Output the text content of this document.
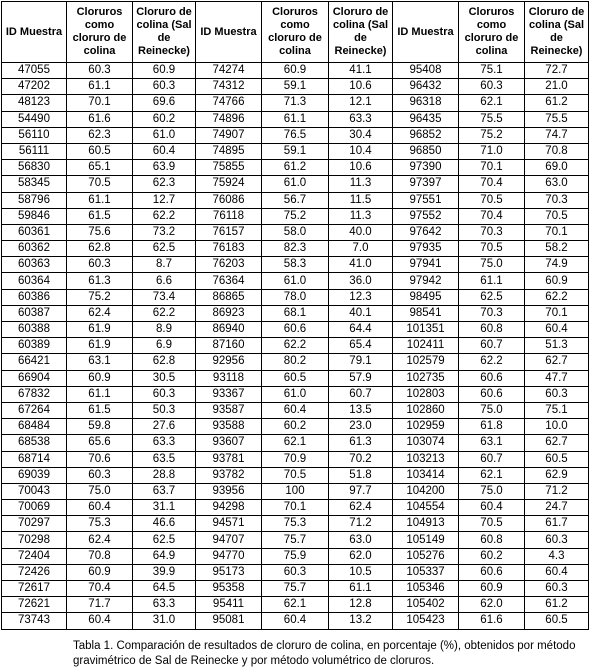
ID Muestra	Cloruros como cloruro de colina	Cloruro de colina (Sal de Reinecke)	ID Muestra	Cloruros como cloruro de colina	Cloruro de colina (Sal de Reinecke)	ID Muestra	Cloruros como cloruro de colina	Cloruro de colina (Sal de Reinecke)
47055	60.3	60.9	74274	60.9	41.1	95408	75.1	72.7
47202	61.1	60.3	74312	59.1	10.6	96432	60.3	21.0
48123	70.1	69.6	74766	71.3	12.1	96318	62.1	61.2
54490	61.6	60.2	74896	61.1	63.3	96435	75.5	75.5
56110	62.3	61.0	74907	76.5	30.4	96852	75.2	74.7
56111	60.5	60.4	74895	59.1	10.4	96850	71.0	70.8
56830	65.1	63.9	75855	61.2	10.6	97390	70.1	69.0
58345	70.5	62.3	75924	61.0	11.3	97397	70.4	63.0
58796	61.1	12.7	76086	56.7	11.5	97551	70.5	70.3
59846	61.5	62.2	76118	75.2	11.3	97552	70.4	70.5
60361	75.6	73.2	76157	58.0	40.0	97642	70.3	70.1
60362	62.8	62.5	76183	82.3	7.0	97935	70.5	58.2
60363	60.3	8.7	76203	58.3	41.0	97941	75.0	74.9
60364	61.3	6.6	76364	61.0	36.0	97942	61.1	60.9
60386	75.2	73.4	86865	78.0	12.3	98495	62.5	62.2
60387	62.4	62.2	86923	68.1	40.1	98541	70.3	70.1
60388	61.9	8.9	86940	60.6	64.4	101351	60.8	60.4
60389	61.9	6.9	87160	62.2	65.4	102411	60.7	51.3
66421	63.1	62.8	92956	80.2	79.1	102579	62.2	62.7
66904	60.9	30.5	93118	60.5	57.9	102735	60.6	47.7
67832	61.1	60.3	93367	61.0	60.7	102803	60.6	60.3
67264	61.5	50.3	93587	60.4	13.5	102860	75.0	75.1
68484	59.8	27.6	93588	60.2	23.0	102959	61.8	10.0
68538	65.6	63.3	93607	62.1	61.3	103074	63.1	62.7
68714	70.6	63.5	93781	70.9	70.2	103213	60.7	60.5
69039	60.3	28.8	93782	70.5	51.8	103414	62.1	62.9
70043	75.0	63.7	93956	100	97.7	104200	75.0	71.2
70069	60.4	31.1	94298	70.1	62.4	104554	60.4	24.7
70297	75.3	46.6	94571	75.3	71.2	104913	70.5	61.7
70298	62.4	62.5	94707	75.7	63.0	105149	60.8	60.3
72404	70.8	64.9	94770	75.9	62.0	105276	60.2	4.3
72426	60.9	39.9	95173	60.3	10.5	105337	60.6	60.4
72617	70.4	64.5	95358	75.7	61.1	105346	60.9	60.3
72621	71.7	63.3	95411	62.1	12.8	105402	62.0	61.2
73743	60.4	31.0	95081	60.4	13.2	105423	61.6	60.5
Tabla 1. Comparación de resultados de cloruro de colina, en porcentaje (%), obtenidos por método gravimétrico de Sal de Reinecke y por método volumétrico de cloruros.
